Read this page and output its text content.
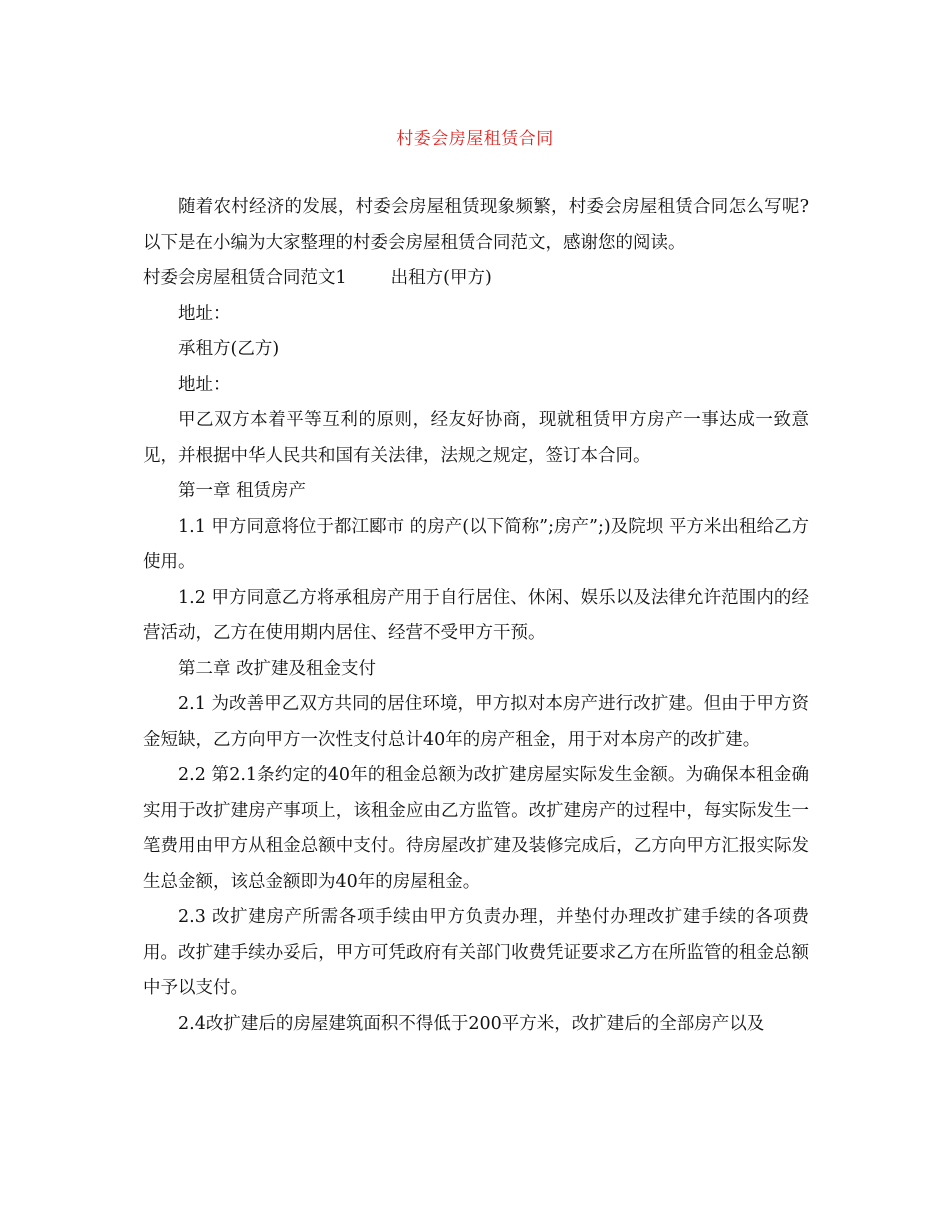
村委会房屋租赁合同

随着农村经济的发展，村委会房屋租赁现象频繁，村委会房屋租赁合同怎么写呢?以下是在小编为大家整理的村委会房屋租赁合同范文，感谢您的阅读。

村委会房屋租赁合同范文1	出租方(甲方)

地址：

承租方(乙方)

地址：

甲乙双方本着平等互利的原则，经友好协商，现就租赁甲方房产一事达成一致意见，并根据中华人民共和国有关法律，法规之规定，签订本合同。

第一章 租赁房产

1.1 甲方同意将位于都江郾市 的房产(以下简称”;房产”;)及院坝 平方米出租给乙方使用。

1.2 甲方同意乙方将承租房产用于自行居住、休闲、娱乐以及法律允许范围内的经营活动，乙方在使用期内居住、经营不受甲方干预。

第二章 改扩建及租金支付

2.1 为改善甲乙双方共同的居住环境，甲方拟对本房产进行改扩建。但由于甲方资金短缺，乙方向甲方一次性支付总计40年的房产租金，用于对本房产的改扩建。

2.2 第2.1条约定的40年的租金总额为改扩建房屋实际发生金额。为确保本租金确实用于改扩建房产事项上，该租金应由乙方监管。改扩建房产的过程中，每实际发生一笔费用由甲方从租金总额中支付。待房屋改扩建及装修完成后，乙方向甲方汇报实际发生总金额，该总金额即为40年的房屋租金。

2.3 改扩建房产所需各项手续由甲方负责办理，并垫付办理改扩建手续的各项费用。改扩建手续办妥后，甲方可凭政府有关部门收费凭证要求乙方在所监管的租金总额中予以支付。

2.4改扩建后的房屋建筑面积不得低于200平方米，改扩建后的全部房产以及
